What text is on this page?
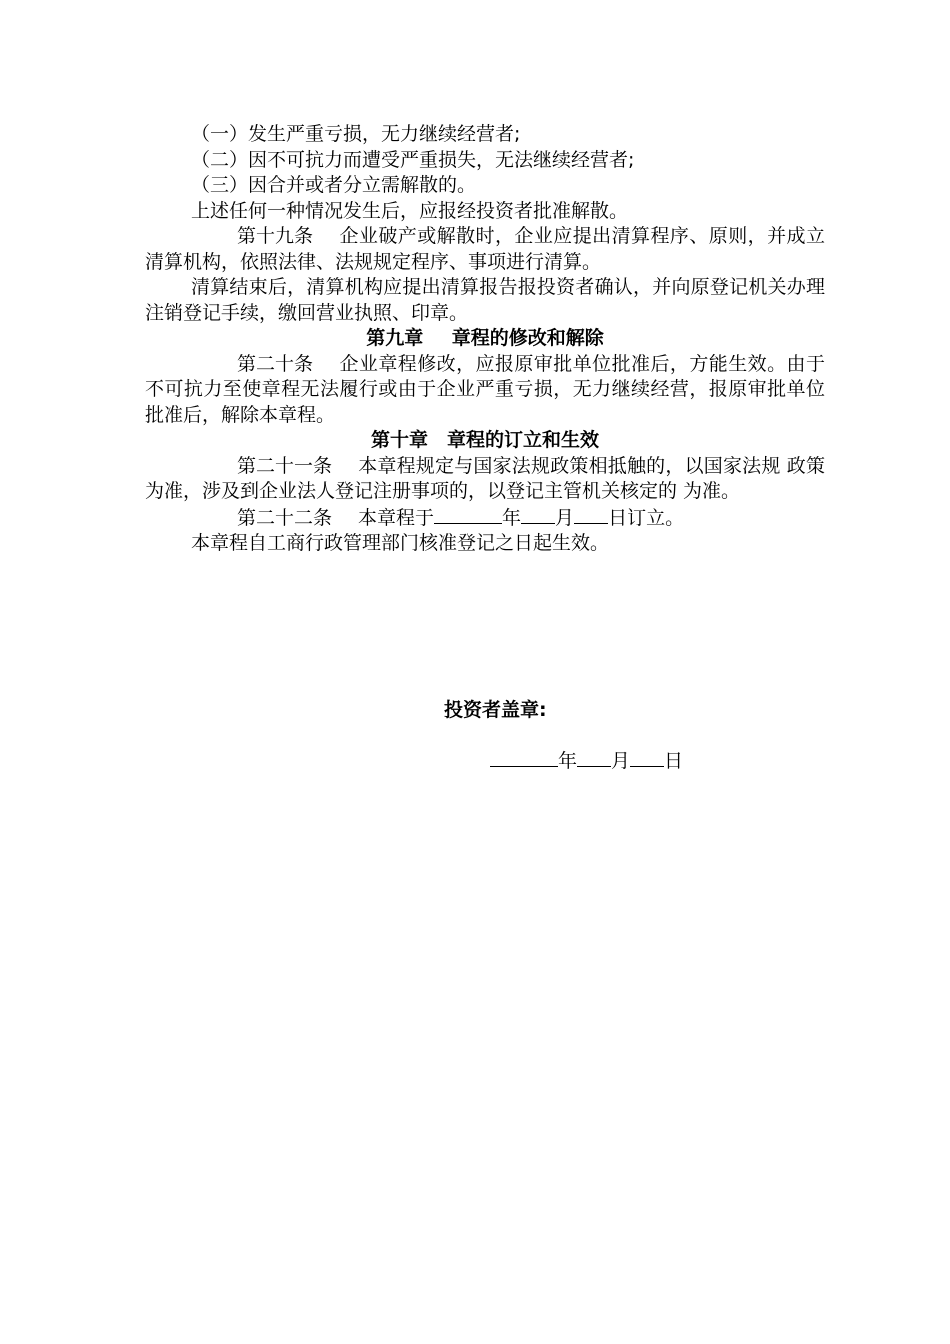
（一）发生严重亏损，无力继续经营者;

（二）因不可抗力而遭受严重损失，无法继续经营者;

（三）因合并或者分立需解散的。

上述任何一种情况发生后，应报经投资者批准解散。

第十九条 企业破产或解散时，企业应提出清算程序、原则，并成立清算机构，依照法律、法规规定程序、事项进行清算。

清算结束后，清算机构应提出清算报告报投资者确认，并向原登记机关办理注销登记手续，缴回营业执照、印章。

第九章   章程的修改和解除

第二十条 企业章程修改，应报原审批单位批准后，方能生效。由于不可抗力至使章程无法履行或由于企业严重亏损，无力继续经营，报原审批单位批准后，解除本章程。

第十章  章程的订立和生效

第二十一条 本章程规定与国家法规政策相抵触的，以国家法规 政策为准，涉及到企业法人登记注册事项的，以登记主管机关核定的 为准。

第二十二条 本章程于	年 月 日订立。

本章程自工商行政管理部门核准登记之日起生效。

投资者盖章:
年 月 日
